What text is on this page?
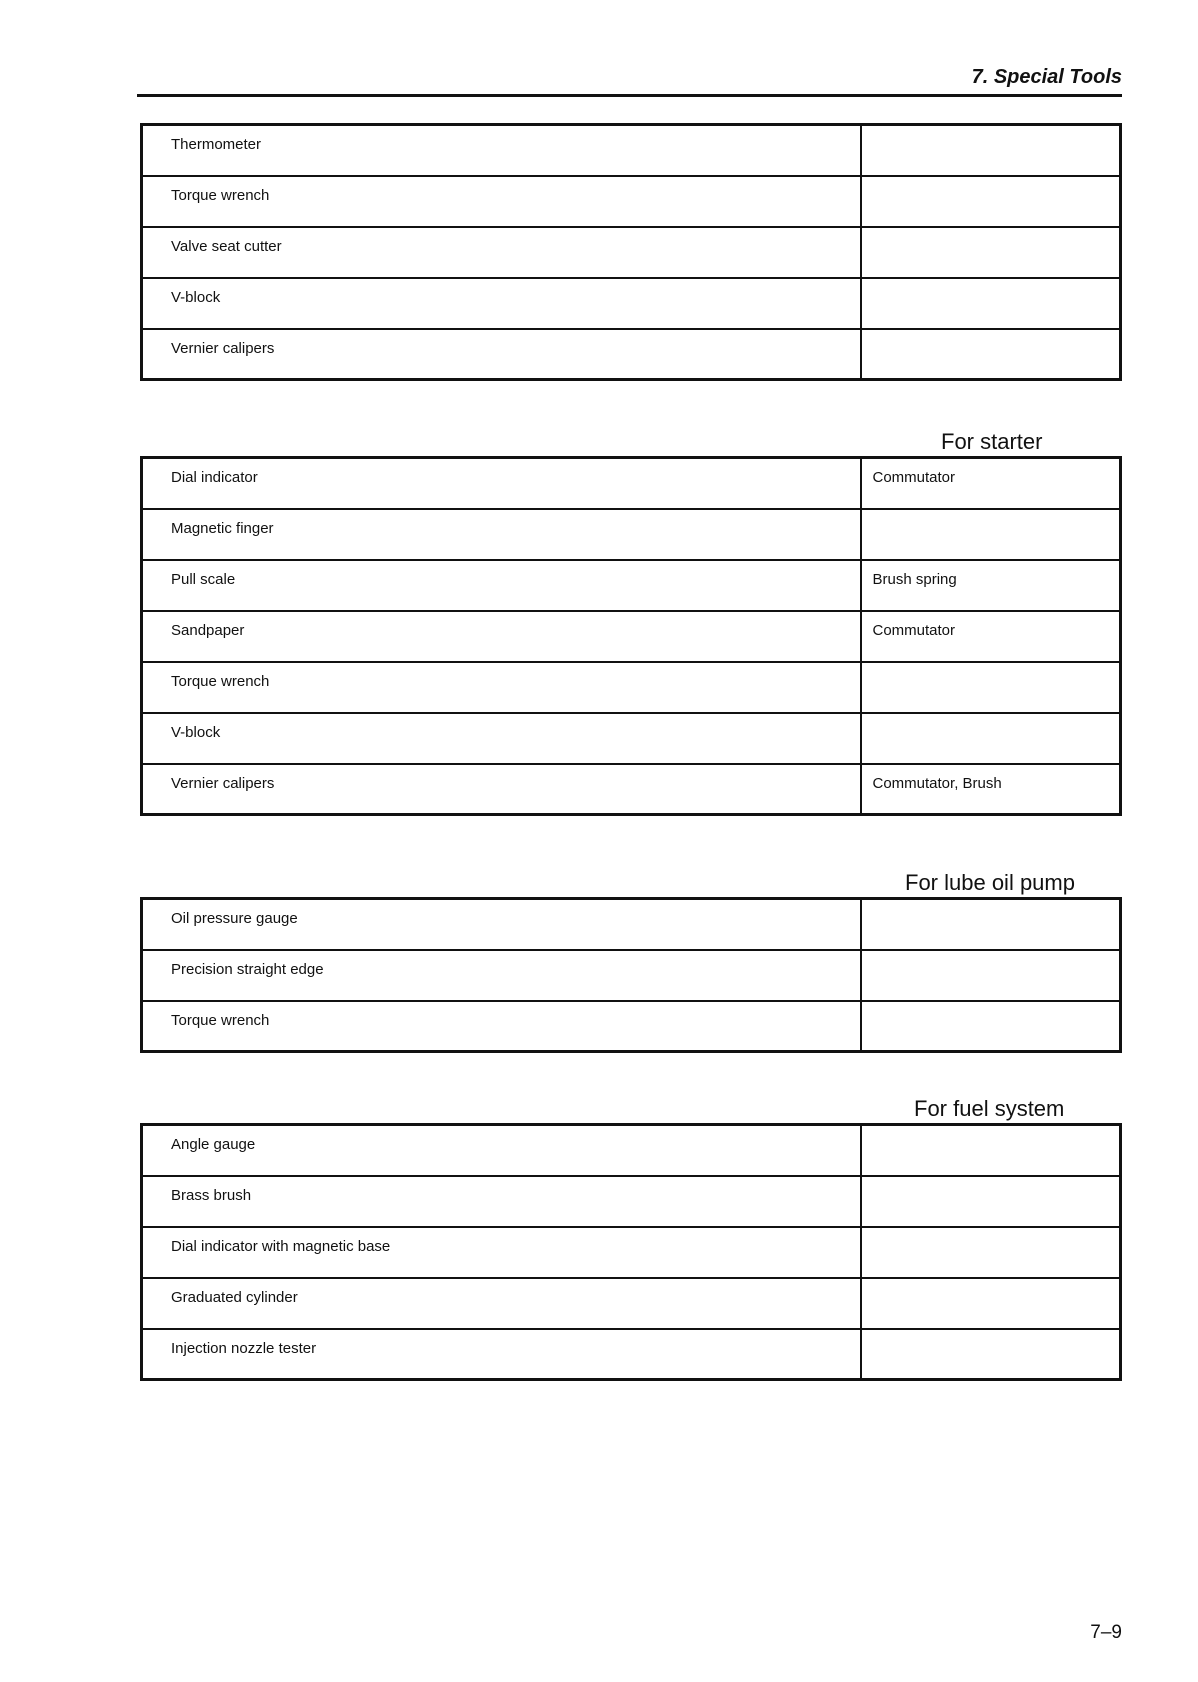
7. Special Tools
Thermometer	
Torque wrench	
Valve seat cutter	
V-block	
Vernier calipers	
For starter
Dial indicator	Commutator
Magnetic finger	
Pull scale	Brush spring
Sandpaper	Commutator
Torque wrench	
V-block	
Vernier calipers	Commutator, Brush
For lube oil pump
Oil pressure gauge	
Precision straight edge	
Torque wrench	
For fuel system
Angle gauge	
Brass brush	
Dial indicator with magnetic base	
Graduated cylinder	
Injection nozzle tester	
7–9
